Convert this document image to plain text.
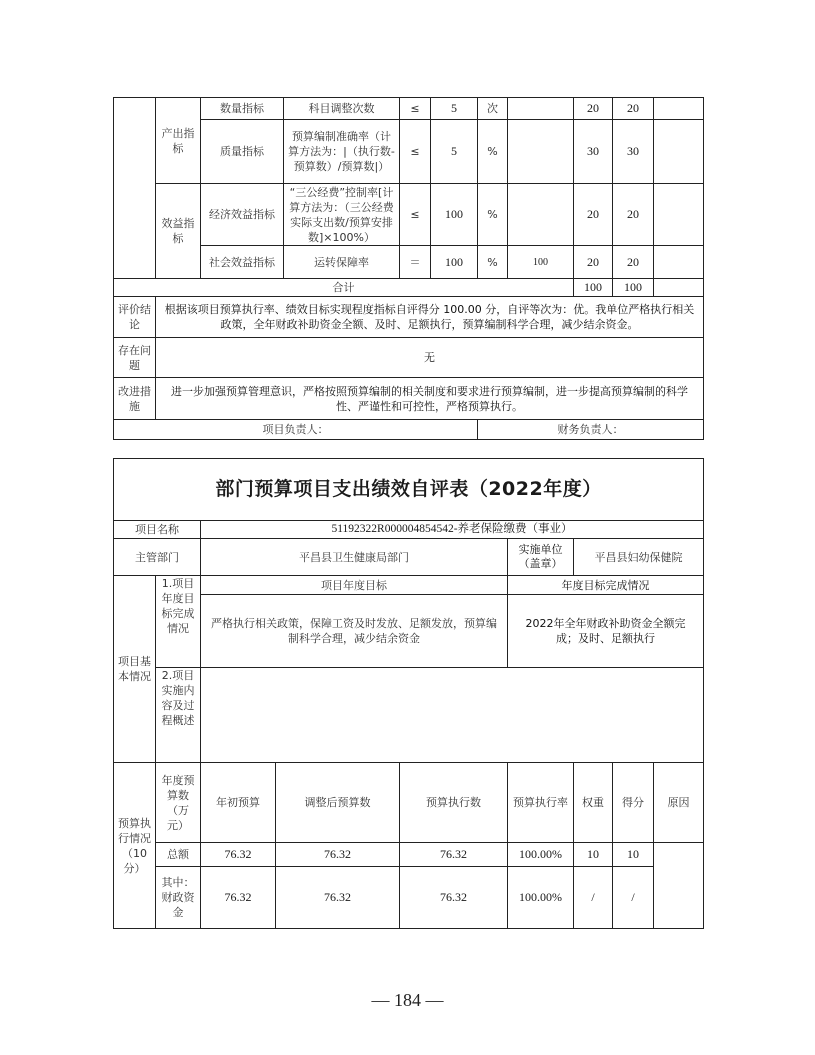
	产出指标	数量指标	科目调整次数	≤	5	次		20	20	
		质量指标	预算编制准确率（计算方法为：|（执行数-预算数）/预算数|）	≤	5	%		30	30	
	效益指标	经济效益指标	“三公经费”控制率[计算方法为：（三公经费实际支出数/预算安排数]×100%）	≤	100	%		20	20	
		社会效益指标	运转保障率	＝	100	%	100	20	20	
合计								100	100	
评价结论	根据该项目预算执行率、绩效目标实现程度指标自评得分 100.00 分，自评等次为：优。我单位严格执行相关政策，全年财政补助资金全额、及时、足额执行，预算编制科学合理，减少结余资金。									
存在问题	无									
改进措施	进一步加强预算管理意识，严格按照预算编制的相关制度和要求进行预算编制，进一步提高预算编制的科学性、严谨性和可控性，严格预算执行。									
项目负责人：						财务负责人：				
部门预算项目支出绩效自评表（2022年度）								
项目名称		51192322R000004854542-养老保险缴费（事业）						
主管部门		平昌县卫生健康局部门			实施单位（盖章）	平昌县妇幼保健院		
项目基本情况	1.项目年度目标完成情况	项目年度目标			年度目标完成情况			
		严格执行相关政策，保障工资及时发放、足额发放，预算编制科学合理，减少结余资金			2022年全年财政补助资金全额完成；及时、足额执行			
	2.项目实施内容及过程概述							
预算执行情况（10分）	年度预算数（万元）	年初预算	调整后预算数	预算执行数	预算执行率	权重	得分	原因
	总额	76.32	76.32	76.32	100.00%	10	10	
	其中：财政资金	76.32	76.32	76.32	100.00%	/	/	
— 184 —
